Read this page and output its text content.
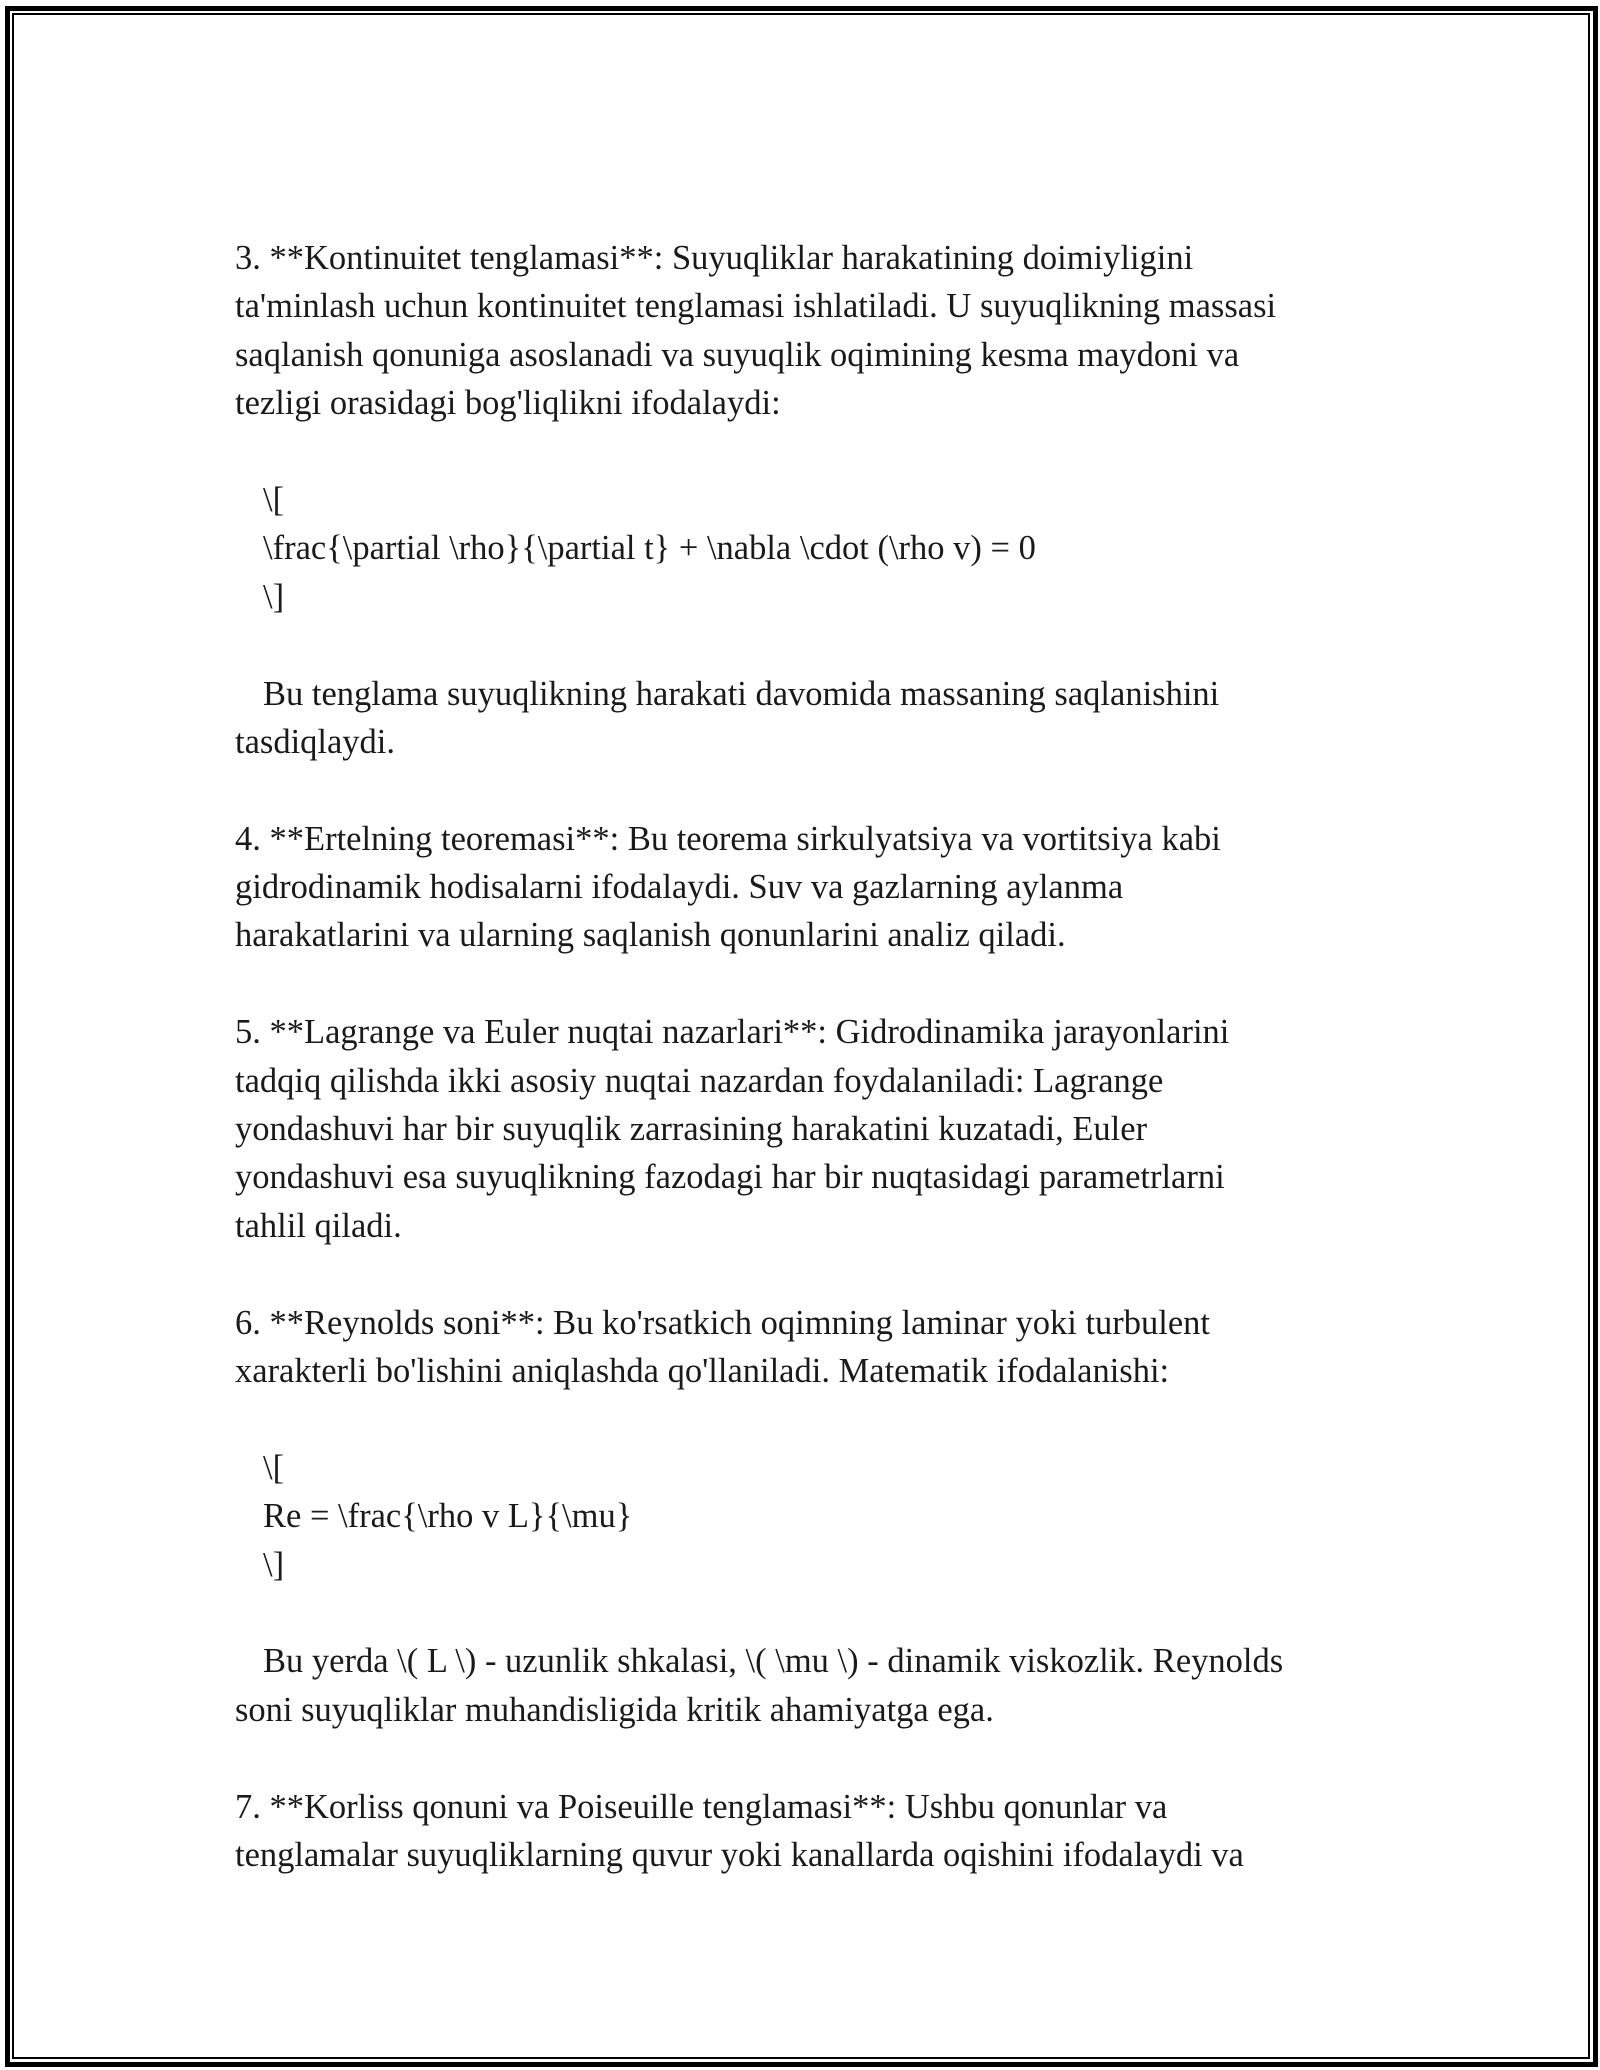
3. **Kontinuitet tenglamasi**: Suyuqliklar harakatining doimiyligini
ta'minlash uchun kontinuitet tenglamasi ishlatiladi. U suyuqlikning massasi
saqlanish qonuniga asoslanadi va suyuqlik oqimining kesma maydoni va
tezligi orasidagi bog'liqlikni ifodalaydi:
\[
\frac{\partial \rho}{\partial t} + \nabla \cdot (\rho v) = 0
\]
Bu tenglama suyuqlikning harakati davomida massaning saqlanishini
tasdiqlaydi.
4. **Ertelning teoremasi**: Bu teorema sirkulyatsiya va vortitsiya kabi
gidrodinamik hodisalarni ifodalaydi. Suv va gazlarning aylanma
harakatlarini va ularning saqlanish qonunlarini analiz qiladi.
5. **Lagrange va Euler nuqtai nazarlari**: Gidrodinamika jarayonlarini
tadqiq qilishda ikki asosiy nuqtai nazardan foydalaniladi: Lagrange
yondashuvi har bir suyuqlik zarrasining harakatini kuzatadi, Euler
yondashuvi esa suyuqlikning fazodagi har bir nuqtasidagi parametrlarni
tahlil qiladi.
6. **Reynolds soni**: Bu ko'rsatkich oqimning laminar yoki turbulent
xarakterli bo'lishini aniqlashda qo'llaniladi. Matematik ifodalanishi:
\[
Re = \frac{\rho v L}{\mu}
\]
Bu yerda \( L \) - uzunlik shkalasi, \( \mu \) - dinamik viskozlik. Reynolds
soni suyuqliklar muhandisligida kritik ahamiyatga ega.
7. **Korliss qonuni va Poiseuille tenglamasi**: Ushbu qonunlar va
tenglamalar suyuqliklarning quvur yoki kanallarda oqishini ifodalaydi va
